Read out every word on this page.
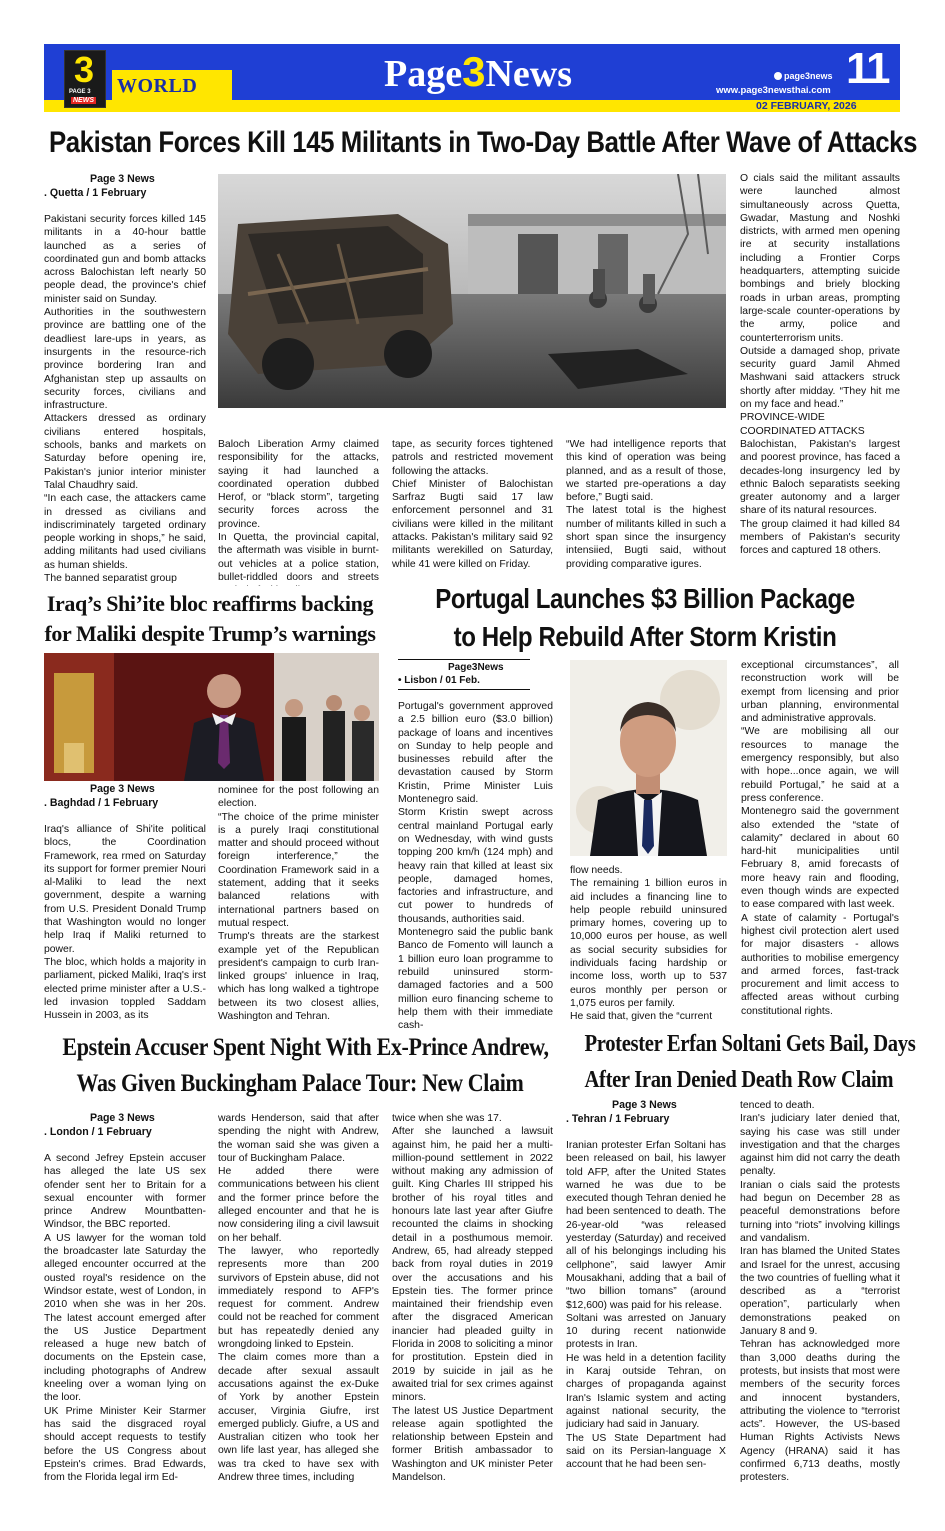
WORLD
3
PAGE 3
NEWS
Page3News	page3news
www.page3newsthai.com 11
02 FEBRUARY, 2026
Pakistan Forces Kill 145 Militants in Two-Day Battle After Wave of Attacks
Page 3 News
. Quetta / 1 February

Pakistani security forces killed 145 militants in a 40-hour battle launched as a series of coordinated gun and bomb attacks across Balochistan left nearly 50 people dead, the province's chief minister said on Sunday.

Authorities in the southwestern province are battling one of the deadliest lare-ups in years, as insurgents in the resource-rich province bordering Iran and Afghanistan step up assaults on security forces, civilians and infrastructure.

Attackers dressed as ordinary civilians entered hospitals, schools, banks and markets on Saturday before opening ire, Pakistan's junior interior minister Talal Chaudhry said.

“In each case, the attackers came in dressed as civilians and indiscriminately targeted ordinary people working in shops,” he said, adding militants had used civilians as human shields.

The banned separatist group

Baloch Liberation Army claimed responsibility for the attacks, saying it had launched a coordinated operation dubbed Herof, or “black storm”, targeting security forces across the province.

In Quetta, the provincial capital, the aftermath was visible in burnt-out vehicles at a police station, bullet-riddled doors and streets

tape, as security forces tightened patrols and restricted movement following the attacks.

Chief Minister of Balochistan Sarfraz Bugti said 17 law enforcement personnel and 31 civilians were killed in the militant attacks. Pakistan's military said 92 militants werekilled on Saturday, while 41 were killed on Friday.

“We had intelligence reports that this kind of operation was being planned, and as a result of those, we started pre-operations a day before,” Bugti said.

The latest total is the highest number of militants killed in such a short span since the insurgency intensiied, Bugti said, without providing comparative igures.

O cials said the militant assaults were launched almost simultaneously across Quetta, Gwadar, Mastung and Noshki districts, with armed men opening ire at security installations including a Frontier Corps headquarters, attempting suicide bombings and briely blocking roads in urban areas, prompting large-scale counter-operations by the army, police and counterterrorism units.

Outside a damaged shop, private security guard Jamil Ahmed Mashwani said attackers struck shortly after midday. “They hit me on my face and head.”

PROVINCE-WIDE COORDINATED ATTACKS

Balochistan, Pakistan's largest and poorest province, has faced a decades-long insurgency led by ethnic Baloch separatists seeking greater autonomy and a larger share of its natural resources.

The group claimed it had killed 84 members of Pakistan's security forces and captured 18 others.

Iraq’s Shi’ite bloc reaffirms backing
for Maliki despite Trump’s warnings
Page 3 News
. Baghdad / 1 February

Iraq's alliance of Shi'ite political blocs, the Coordination Framework, rea rmed on Saturday its support for former premier Nouri al-Maliki to lead the next government, despite a warning from U.S. President Donald Trump that Washington would no longer help Iraq if Maliki returned to power.

The bloc, which holds a majority in parliament, picked Maliki, Iraq's irst elected prime minister after a U.S.-led invasion toppled Saddam Hussein in 2003, as its

nominee for the post following an election.

“The choice of the prime minister is a purely Iraqi constitutional matter and should proceed without foreign interference,” the Coordination Framework said in a statement, adding that it seeks balanced relations with international partners based on mutual respect.

Trump's threats are the starkest example yet of the Republican president's campaign to curb Iran-linked groups' inluence in Iraq, which has long walked a tightrope between its two closest allies, Washington and Tehran.

Portugal Launches $3 Billion Package
to Help Rebuild After Storm Kristin
Page3News
• Lisbon / 01 Feb.

Portugal's government approved a 2.5 billion euro ($3.0 billion) package of loans and incentives on Sunday to help people and businesses rebuild after the devastation caused by Storm Kristin, Prime Minister Luis Montenegro said.

Storm Kristin swept across central mainland Portugal early on Wednesday, with wind gusts topping 200 km/h (124 mph) and heavy rain that killed at least six people, damaged homes, factories and infrastructure, and cut power to hundreds of thousands, authorities said.

Montenegro said the public bank Banco de Fomento will launch a 1 billion euro loan programme to rebuild uninsured storm-damaged factories and a 500 million euro financing scheme to help them with their immediate cash-

flow needs.

The remaining 1 billion euros in aid includes a financing line to help people rebuild uninsured primary homes, covering up to 10,000 euros per house, as well as social security subsidies for individuals facing hardship or income loss, worth up to 537 euros monthly per person or 1,075 euros per family.

He said that, given the “current

exceptional circumstances”, all reconstruction work will be exempt from licensing and prior urban planning, environmental and administrative approvals.

“We are mobilising all our resources to manage the emergency responsibly, but also with hope...once again, we will rebuild Portugal,” he said at a press conference.

Montenegro said the government also extended the “state of calamity” declared in about 60 hard-hit municipalities until February 8, amid forecasts of more heavy rain and flooding, even though winds are expected to ease compared with last week.

A state of calamity - Portugal's highest civil protection alert used for major disasters - allows authorities to mobilise emergency and armed forces, fast-track procurement and limit access to affected areas without curbing constitutional rights.

Epstein Accuser Spent Night With Ex-Prince Andrew,
Was Given Buckingham Palace Tour: New Claim
Page 3 News
. London / 1 February

A second Jefrey Epstein accuser has alleged the late US sex ofender sent her to Britain for a sexual encounter with former prince Andrew Mountbatten-Windsor, the BBC reported.

A US lawyer for the woman told the broadcaster late Saturday the alleged encounter occurred at the ousted royal's residence on the Windsor estate, west of London, in 2010 when she was in her 20s. The latest account emerged after the US Justice Department released a huge new batch of documents on the Epstein case, including photographs of Andrew kneeling over a woman lying on the loor.

UK Prime Minister Keir Starmer has said the disgraced royal should accept requests to testify before the US Congress about Epstein's crimes. Brad Edwards, from the Florida legal irm Ed-

wards Henderson, said that after spending the night with Andrew, the woman said she was given a tour of Buckingham Palace.

He added there were communications between his client and the former prince before the alleged encounter and that he is now considering iling a civil lawsuit on her behalf.

The lawyer, who reportedly represents more than 200 survivors of Epstein abuse, did not immediately respond to AFP's request for comment. Andrew could not be reached for comment but has repeatedly denied any wrongdoing linked to Epstein.

The claim comes more than a decade after sexual assault accusations against the ex-Duke of York by another Epstein accuser, Virginia Giufre, irst emerged publicly. Giufre, a US and Australian citizen who took her own life last year, has alleged she was tra cked to have sex with Andrew three times, including

twice when she was 17.

After she launched a lawsuit against him, he paid her a multi-million-pound settlement in 2022 without making any admission of guilt. King Charles III stripped his brother of his royal titles and honours late last year after Giufre recounted the claims in shocking detail in a posthumous memoir. Andrew, 65, had already stepped back from royal duties in 2019 over the accusations and his Epstein ties. The former prince maintained their friendship even after the disgraced American inancier had pleaded guilty in Florida in 2008 to soliciting a minor for prostitution. Epstein died in 2019 by suicide in jail as he awaited trial for sex crimes against minors.

The latest US Justice Department release again spotlighted the relationship between Epstein and former British ambassador to Washington and UK minister Peter Mandelson.

Protester Erfan Soltani Gets Bail, Days
After Iran Denied Death Row Claim
Page 3 News
. Tehran / 1 February

Iranian protester Erfan Soltani has been released on bail, his lawyer told AFP, after the United States warned he was due to be executed though Tehran denied he had been sentenced to death. The 26-year-old “was released yesterday (Saturday) and received all of his belongings including his cellphone”, said lawyer Amir Mousakhani, adding that a bail of “two billion tomans” (around $12,600) was paid for his release.

Soltani was arrested on January 10 during recent nationwide protests in Iran.

He was held in a detention facility in Karaj outside Tehran, on charges of propaganda against Iran's Islamic system and acting against national security, the judiciary had said in January.

The US State Department had said on its Persian-language X account that he had been sen-

tenced to death.

Iran's judiciary later denied that, saying his case was still under investigation and that the charges against him did not carry the death penalty.

Iranian o cials said the protests had begun on December 28 as peaceful demonstrations before turning into “riots” involving killings and vandalism.

Iran has blamed the United States and Israel for the unrest, accusing the two countries of fuelling what it described as a “terrorist operation”, particularly when demonstrations peaked on January 8 and 9.

Tehran has acknowledged more than 3,000 deaths during the protests, but insists that most were members of the security forces and innocent bystanders, attributing the violence to “terrorist acts”. However, the US-based Human Rights Activists News Agency (HRANA) said it has confirmed 6,713 deaths, mostly protesters.
